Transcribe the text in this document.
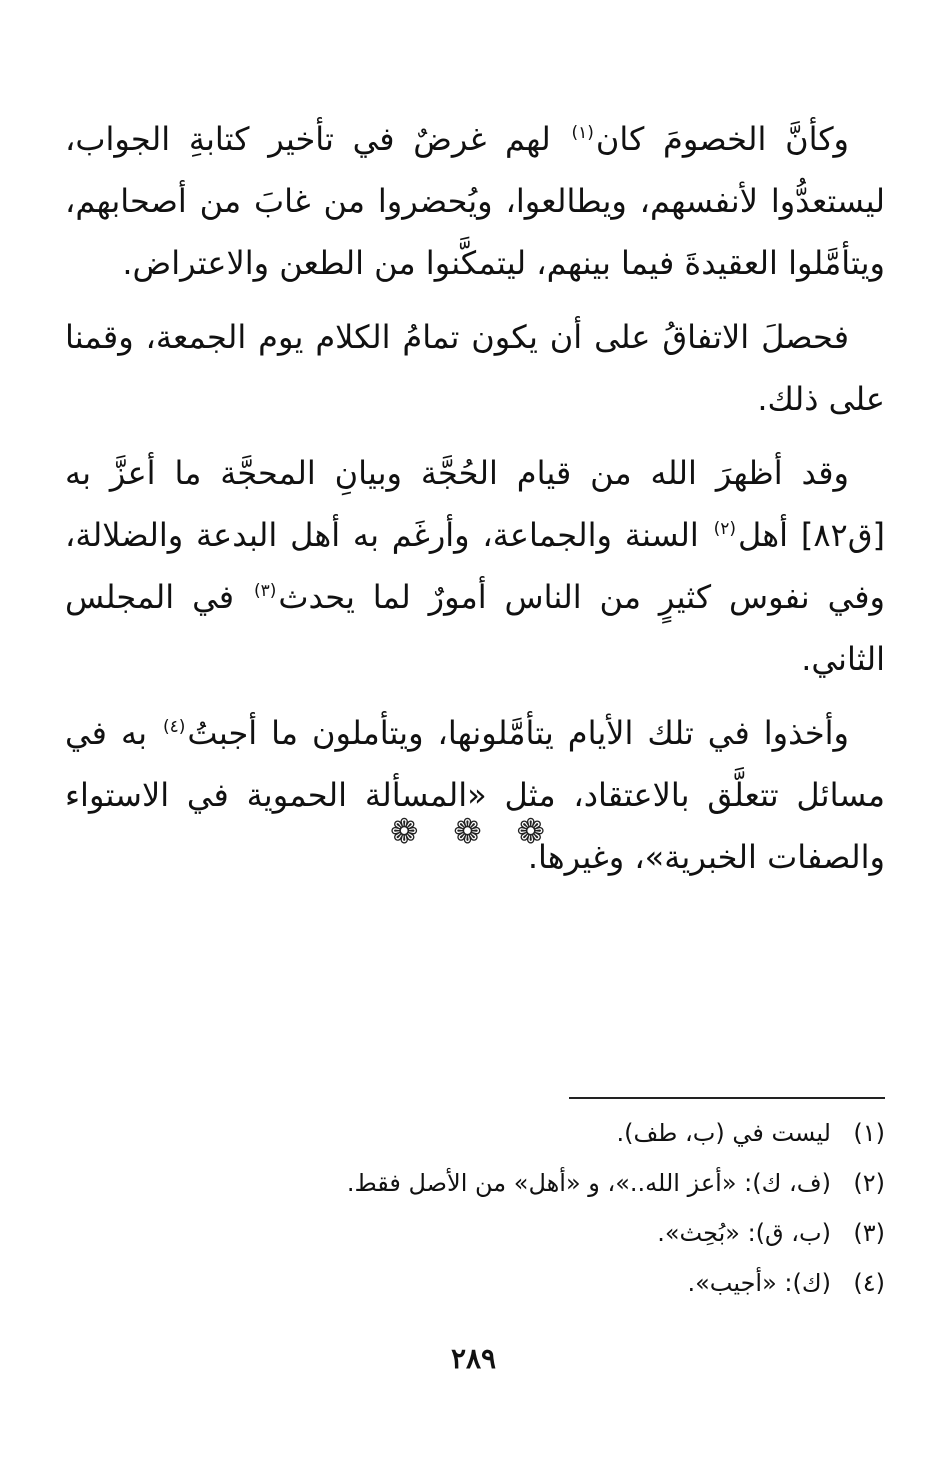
وكأنَّ الخصومَ كان$^{(١)}$ لهم غرضٌ في تأخير كتابةِ الجواب، ليستعدُّوا لأنفسهم، ويطالعوا، ويُحضروا من غابَ من أصحابهم، ويتأمَّلوا العقيدةَ فيما بينهم، ليتمكَّنوا من الطعن والاعتراض.

فحصلَ الاتفاقُ على أن يكون تمامُ الكلام يوم الجمعة، وقمنا على ذلك.

وقد أظهرَ الله من قيام الحُجَّة وبيانِ المحجَّة ما أعزَّ به [ق٨٢] أهل$^{(٢)}$ السنة والجماعة، وأرغَم به أهل البدعة والضلالة، وفي نفوس كثيرٍ من الناس أمورٌ لما يحدث$^{(٣)}$ في المجلس الثاني.

وأخذوا في تلك الأيام يتأمَّلونها، ويتأملون ما أجبتُ$^{(٤)}$ به في مسائل تتعلَّق بالاعتقاد، مثل «المسألة الحموية في الاستواء والصفات الخبرية»، وغيرها.

❁ ❁ ❁
(١)
ليست في (ب، طف).
(٢)
(ف، ك): «أعز الله..»، و «أهل» من الأصل فقط.
(٣)
(ب، ق): «بُحِث».
(٤)
(ك): «أجيب».
٢٨٩
